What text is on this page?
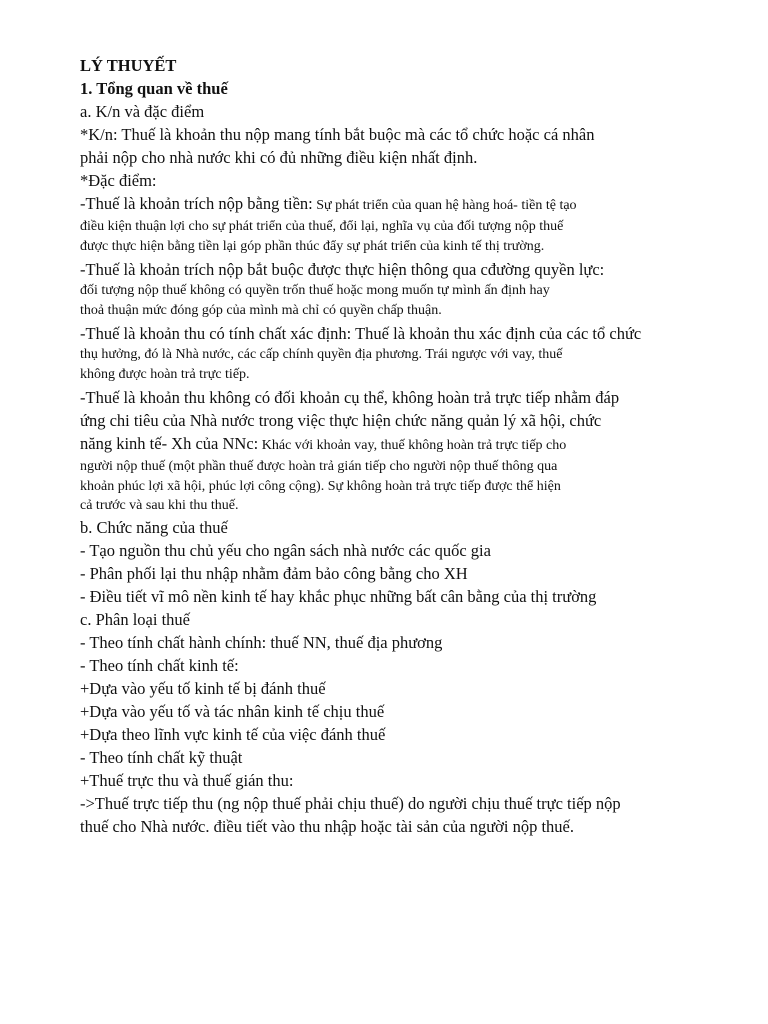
LÝ THUYẾT
1. Tổng quan về thuế
a. K/n và đặc điểm
*K/n: Thuế là khoản thu nộp mang tính bắt buộc mà các tổ chức hoặc cá nhân
phải nộp cho nhà nước khi có đủ những điều kiện nhất định.
*Đặc điểm:
-Thuế là khoản trích nộp bằng tiền: Sự phát triển của quan hệ hàng hoá- tiền tệ tạo
điều kiện thuận lợi cho sự phát triển của thuế, đổi lại, nghĩa vụ của đối tượng nộp thuế
được thực hiện bằng tiền lại góp phần thúc đẩy sự phát triển của kinh tế thị trường.
-Thuế là khoản trích nộp bắt buộc được thực hiện thông qua cđường quyền lực:
đối tượng nộp thuế không có quyền trốn thuế hoặc mong muốn tự mình ấn định hay
thoả thuận mức đóng góp của mình mà chỉ có quyền chấp thuận.
-Thuế là khoản thu có tính chất xác định: Thuế là khoản thu xác định của các tổ chức
thụ hưởng, đó là Nhà nước, các cấp chính quyền địa phương. Trái ngược với vay, thuế
không được hoàn trả trực tiếp.
-Thuế là khoản thu không có đối khoản cụ thể, không hoàn trả trực tiếp nhằm đáp
ứng chi tiêu của Nhà nước trong việc thực hiện chức năng quản lý xã hội, chức
năng kinh tế- Xh của NNc: Khác với khoản vay, thuế không hoàn trả trực tiếp cho
người nộp thuế (một phần thuế được hoàn trả gián tiếp cho người nộp thuế thông qua
khoản phúc lợi xã hội, phúc lợi công cộng). Sự không hoàn trả trực tiếp được thể hiện
cả trước và sau khi thu thuế.
b. Chức năng của thuế
- Tạo nguồn thu chủ yếu cho ngân sách nhà nước các quốc gia
- Phân phối lại thu nhập nhằm đảm bảo công bằng cho XH
- Điều tiết vĩ mô nền kinh tế hay khắc phục những bất cân bằng của thị trường
c. Phân loại thuế
- Theo tính chất hành chính: thuế NN, thuế địa phương
- Theo tính chất kinh tế:
+Dựa vào yếu tố kinh tế bị đánh thuế
+Dựa vào yếu tố và tác nhân kinh tế chịu thuế
+Dựa theo lĩnh vực kinh tế của việc đánh thuế
- Theo tính chất kỹ thuật
+Thuế trực thu và thuế gián thu:
->Thuế trực tiếp thu (ng nộp thuế phải chịu thuế) do người chịu thuế trực tiếp nộp
thuế cho Nhà nước. điều tiết vào thu nhập hoặc tài sản của người nộp thuế.
